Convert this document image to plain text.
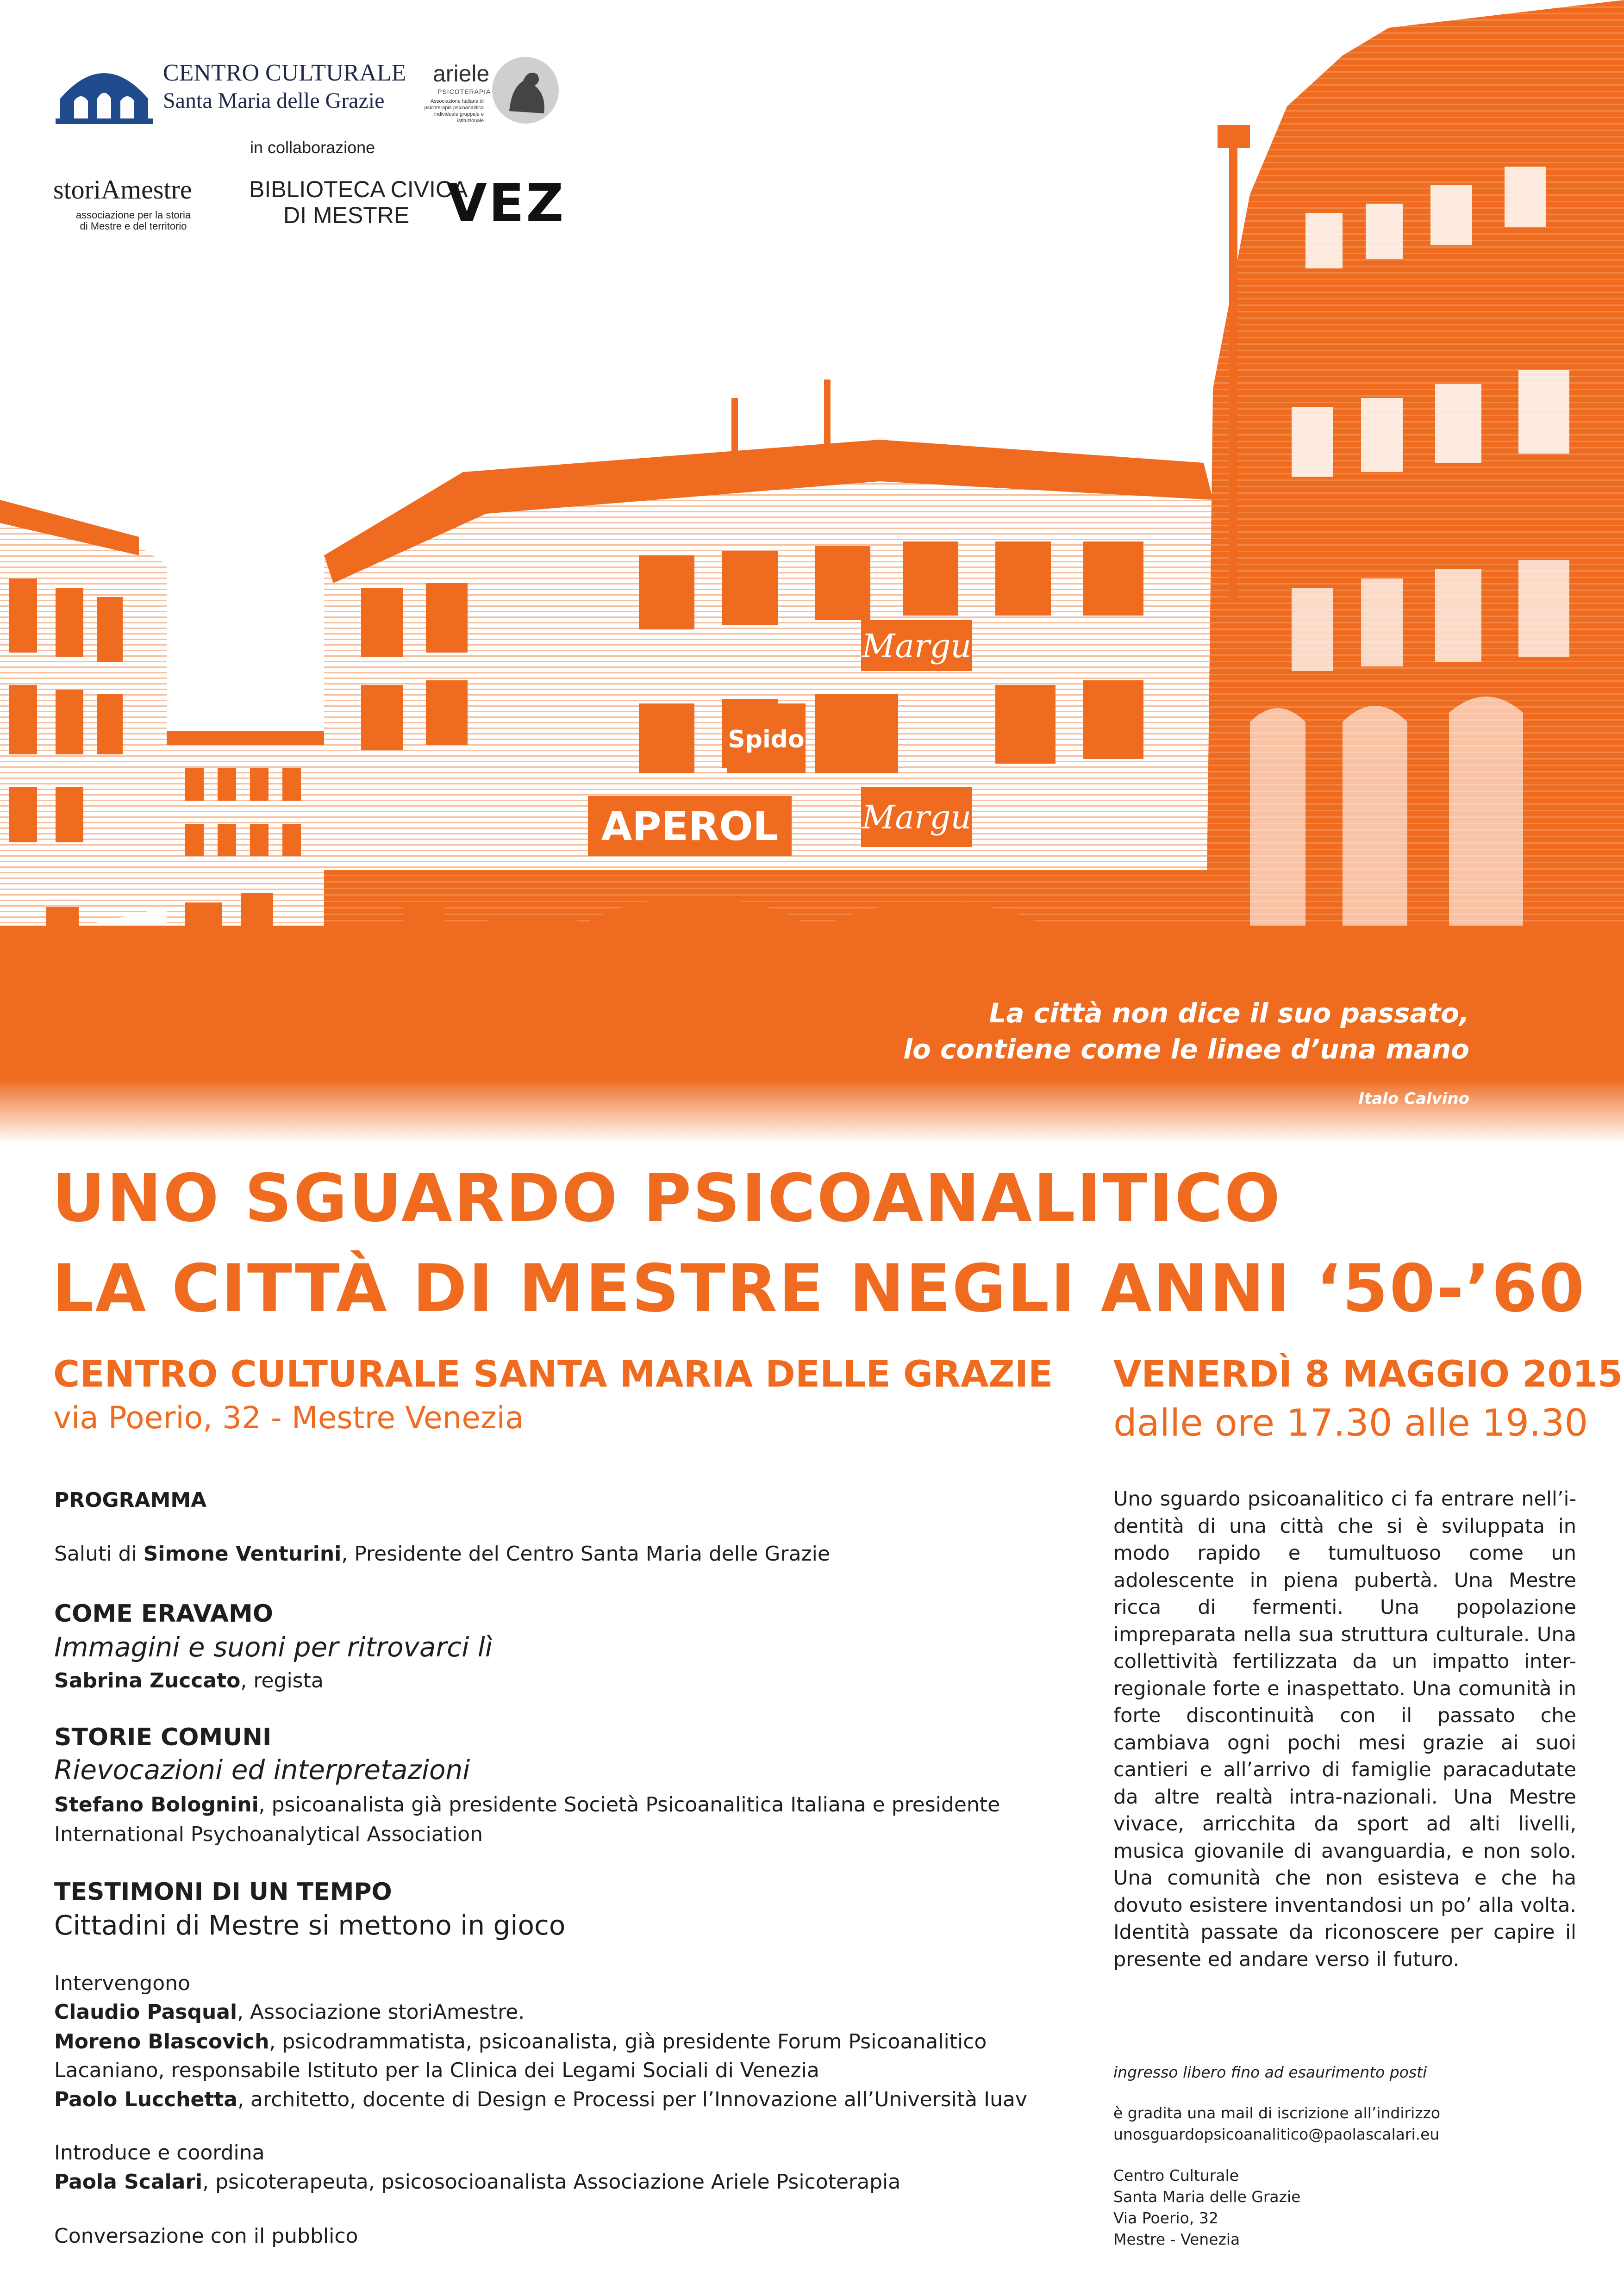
Margu
Spido
APEROL	Margu
CENTRO CULTURALE
Santa Maria delle Grazie
ariele
PSICOTERAPIA
Associazione Italiana di psicoterapia psicoanalitica individuale gruppale e istituzionale
in collaborazione
storiAmestre
associazione per la storia
di Mestre e del territorio
BIBLIOTECA CIVICA
DI MESTRE VEZ
La città non dice il suo passato,
lo contiene come le linee d’una mano
Italo Calvino
UNO SGUARDO PSICOANALITICO
LA CITTÀ DI MESTRE NEGLI ANNI ‘50-’60
CENTRO CULTURALE SANTA MARIA DELLE GRAZIE
via Poerio, 32 - Mestre Venezia
VENERDÌ 8 MAGGIO 2015
dalle ore 17.30 alle 19.30
PROGRAMMA
Saluti di Simone Venturini, Presidente del Centro Santa Maria delle Grazie
COME ERAVAMO
Immagini e suoni per ritrovarci lì
Sabrina Zuccato, regista
STORIE COMUNI
Rievocazioni ed interpretazioni
Stefano Bolognini, psicoanalista già presidente Società Psicoanalitica Italiana e presidente
International Psychoanalytical Association
TESTIMONI DI UN TEMPO
Cittadini di Mestre si mettono in gioco
Intervengono
Claudio Pasqual, Associazione storiAmestre.
Moreno Blascovich, psicodrammatista, psicoanalista, già presidente Forum Psicoanalitico
Lacaniano, responsabile Istituto per la Clinica dei Legami Sociali di Venezia
Paolo Lucchetta, architetto, docente di Design e Processi per l’Innovazione all’Università Iuav
Introduce e coordina
Paola Scalari, psicoterapeuta, psicosocioanalista Associazione Ariele Psicoterapia
Conversazione con il pubblico
Uno sguardo psicoanalitico ci fa entrare nell’identità di una città che si è sviluppata in modo rapido e tumultuoso come un adolescente in piena pubertà. Una Mestre ricca di fermenti. Una popolazione impreparata nella sua struttura culturale. Una collettività fertilizzata da un impatto inter-regionale forte e inaspettato. Una comunità in forte discontinuità con il passato che cambiava ogni pochi mesi grazie ai suoi cantieri e all’arrivo di famiglie paracadutate da altre realtà intra-nazionali. Una Mestre vivace, arricchita da sport ad alti livelli, musica giovanile di avanguardia, e non solo. Una comunità che non esisteva e che ha dovuto esistere inventandosi un po’ alla volta. Identità passate da riconoscere per capire il presente ed andare verso il futuro.
ingresso libero fino ad esaurimento posti
è gradita una mail di iscrizione all’indirizzo
unosguardopsicoanalitico@paolascalari.eu
Centro Culturale
Santa Maria delle Grazie
Via Poerio, 32
Mestre - Venezia
